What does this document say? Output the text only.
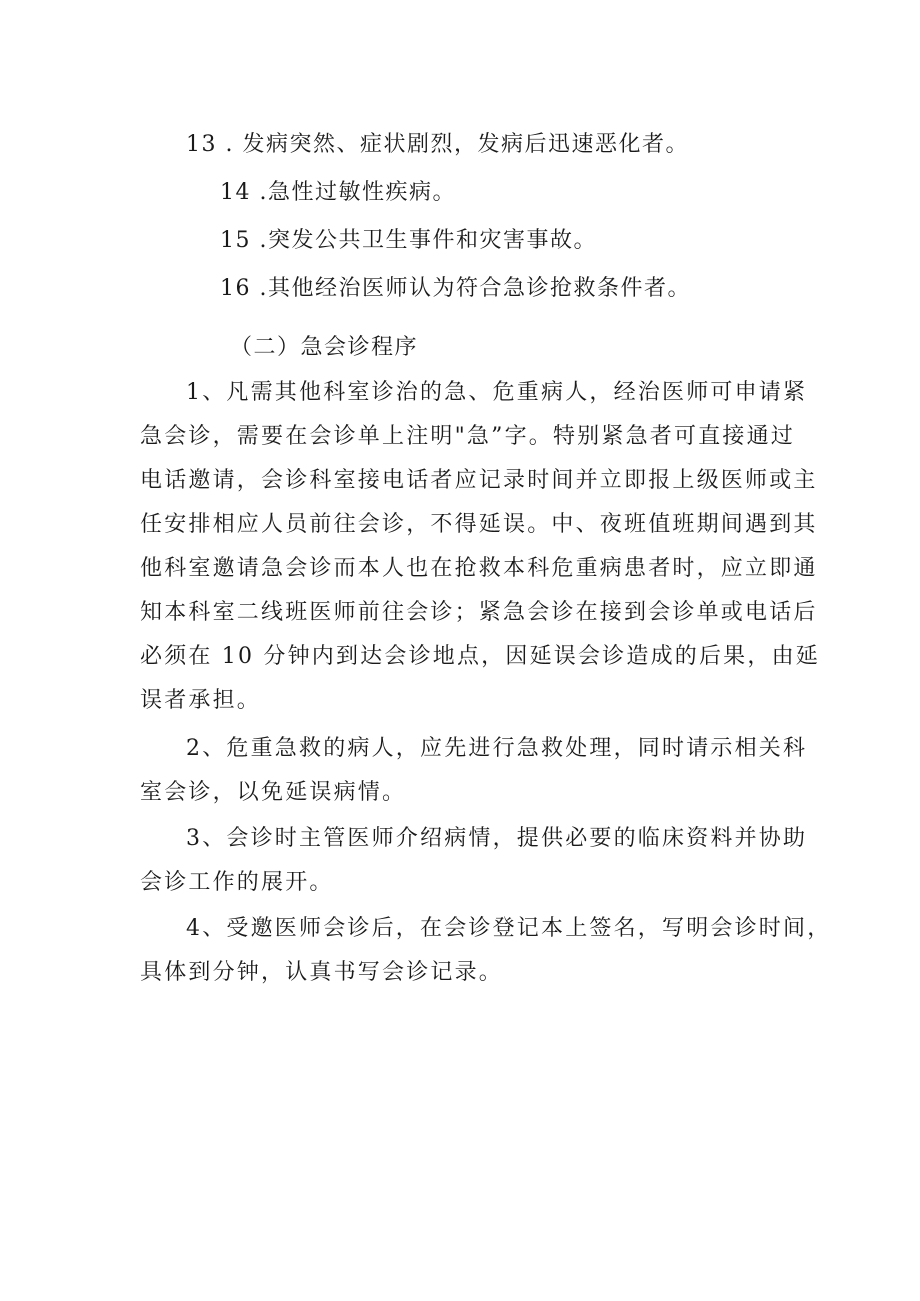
13 . 发病突然、症状剧烈，发病后迅速恶化者。
14 .急性过敏性疾病。
15 .突发公共卫生事件和灾害事故。
16 .其他经治医师认为符合急诊抢救条件者。
（二）急会诊程序
1、凡需其他科室诊治的急、危重病人，经治医师可申请紧
急会诊，需要在会诊单上注明"急”字。特别紧急者可直接通过
电话邀请，会诊科室接电话者应记录时间并立即报上级医师或主
任安排相应人员前往会诊，不得延误。中、夜班值班期间遇到其
他科室邀请急会诊而本人也在抢救本科危重病患者时，应立即通
知本科室二线班医师前往会诊；紧急会诊在接到会诊单或电话后
必须在 10 分钟内到达会诊地点，因延误会诊造成的后果，由延
误者承担。
2、危重急救的病人，应先进行急救处理，同时请示相关科
室会诊，以免延误病情。
3、会诊时主管医师介绍病情，提供必要的临床资料并协助
会诊工作的展开。
4、受邀医师会诊后，在会诊登记本上签名，写明会诊时间，
具体到分钟，认真书写会诊记录。
